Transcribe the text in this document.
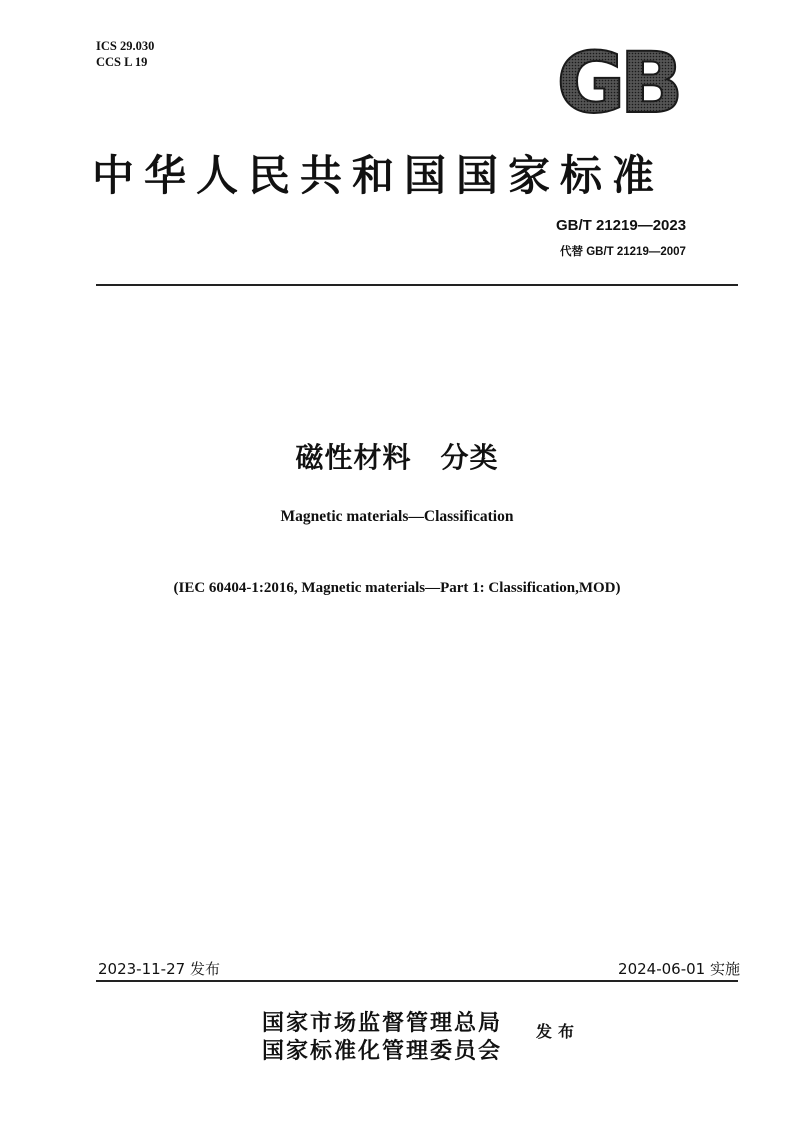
ICS 29.030
CCS L 19	GB
中华人民共和国国家标准
GB/T 21219—2023
代替 GB/T 21219—2007
磁性材料　分类
Magnetic materials—Classification
(IEC 60404-1:2016, Magnetic materials—Part 1: Classification,MOD)
2023-11-27 发布	2024-06-01 实施
国家市场监督管理总局
国家标准化管理委员会
发布
